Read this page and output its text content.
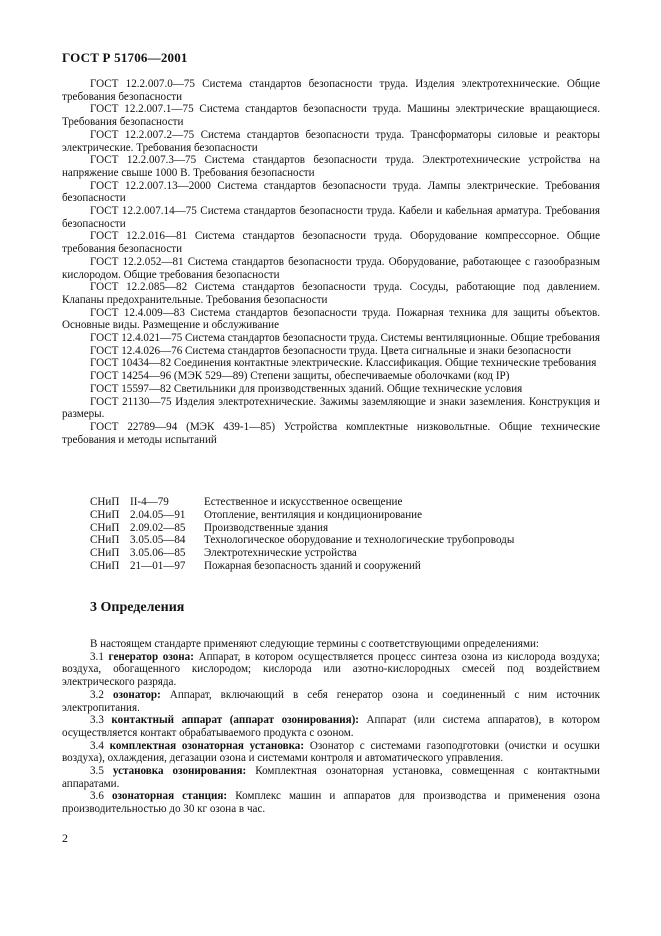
ГОСТ Р 51706—2001

ГОСТ 12.2.007.0—75 Система стандартов безопасности труда. Изделия электротехнические. Общие требования безопасности

ГОСТ 12.2.007.1—75 Система стандартов безопасности труда. Машины электрические вращающиеся. Требования безопасности

ГОСТ 12.2.007.2—75 Система стандартов безопасности труда. Трансформаторы силовые и реакторы электрические. Требования безопасности

ГОСТ 12.2.007.3—75 Система стандартов безопасности труда. Электротехнические устройства на напряжение свыше 1000 В. Требования безопасности

ГОСТ 12.2.007.13—2000 Система стандартов безопасности труда. Лампы электрические. Требования безопасности

ГОСТ 12.2.007.14—75 Система стандартов безопасности труда. Кабели и кабельная арматура. Требования безопасности

ГОСТ 12.2.016—81 Система стандартов безопасности труда. Оборудование компрессорное. Общие требования безопасности

ГОСТ 12.2.052—81 Система стандартов безопасности труда. Оборудование, работающее с газообразным кислородом. Общие требования безопасности

ГОСТ 12.2.085—82 Система стандартов безопасности труда. Сосуды, работающие под давлением. Клапаны предохранительные. Требования безопасности

ГОСТ 12.4.009—83 Система стандартов безопасности труда. Пожарная техника для защиты объектов. Основные виды. Размещение и обслуживание

ГОСТ 12.4.021—75 Система стандартов безопасности труда. Системы вентиляционные. Общие требования

ГОСТ 12.4.026—76 Система стандартов безопасности труда. Цвета сигнальные и знаки безопасности

ГОСТ 10434—82 Соединения контактные электрические. Классификация. Общие технические требования

ГОСТ 14254—96 (МЭК 529—89) Степени защиты, обеспечиваемые оболочками (код IP)

ГОСТ 15597—82 Светильники для производственных зданий. Общие технические условия

ГОСТ 21130—75 Изделия электротехнические. Зажимы заземляющие и знаки заземления. Конструкция и размеры.

ГОСТ 22789—94 (МЭК 439-1—85) Устройства комплектные низковольтные. Общие технические требования и методы испытаний

СНиП II-4—79	Естественное и искусственное освещение

СНиП 2.04.05—91 Отопление, вентиляция и кондиционирование

СНиП 2.09.02—85 Производственные здания

СНиП 3.05.05—84 Технологическое оборудование и технологические трубопроводы

СНиП 3.05.06—85 Электротехнические устройства

СНиП 21—01—97 Пожарная безопасность зданий и сооружений

3 Определения

В настоящем стандарте применяют следующие термины с соответствующими определениями:

3.1 генератор озона: Аппарат, в котором осуществляется процесс синтеза озона из кислорода воздуха; воздуха, обогащенного кислородом; кислорода или азотно-кислородных смесей под воздействием электрического разряда.

3.2 озонатор: Аппарат, включающий в себя генератор озона и соединенный с ним источник электропитания.

3.3 контактный аппарат (аппарат озонирования): Аппарат (или система аппаратов), в котором осуществляется контакт обрабатываемого продукта с озоном.

3.4 комплектная озонаторная установка: Озонатор с системами газоподготовки (очистки и осушки воздуха), охлаждения, дегазации озона и системами контроля и автоматического управления.

3.5 установка озонирования: Комплектная озонаторная установка, совмещенная с контактными аппаратами.

3.6 озонаторная станция: Комплекс машин и аппаратов для производства и применения озона производительностью до 30 кг озона в час.

2
